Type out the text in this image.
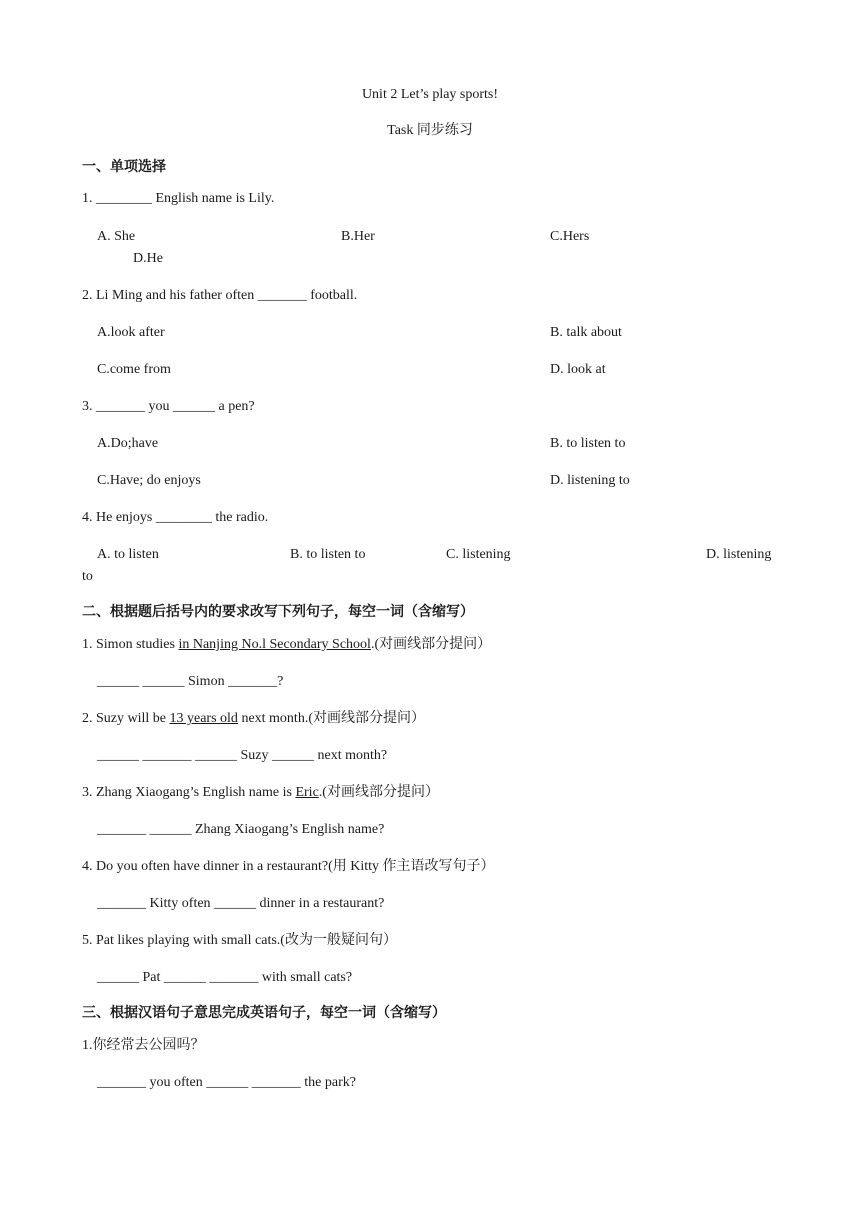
Unit 2 Let’s play sports!
Task 同步练习
一、单项选择
1. ________ English name is Lily.
A. She	B.Her	C.Hers
D.He
2. Li Ming and his father often _______ football.
A.look after	B. talk about
C.come from	D. look at
3. _______ you ______ a pen?
A.Do;have	B. to listen to
C.Have; do enjoys	D. listening to
4. He enjoys ________ the radio.
A. to listen	B. to listen to	C. listening	D. listening
to
二、根据题后括号内的要求改写下列句子，每空一词（含缩写）
1. Simon studies in Nanjing No.l Secondary School.(对画线部分提问）
______ ______ Simon _______?
2. Suzy will be 13 years old next month.(对画线部分提问）
______ _______ ______ Suzy ______ next month?
3. Zhang Xiaogang’s English name is Eric.(对画线部分提问）
_______ ______ Zhang Xiaogang’s English name?
4. Do you often have dinner in a restaurant?(用 Kitty 作主语改写句子）
_______ Kitty often ______ dinner in a restaurant?
5. Pat likes playing with small cats.(改为一般疑问句）
______ Pat ______ _______ with small cats?
三、根据汉语句子意思完成英语句子，每空一词（含缩写）
1.你经常去公园吗？
_______ you often ______ _______ the park?
